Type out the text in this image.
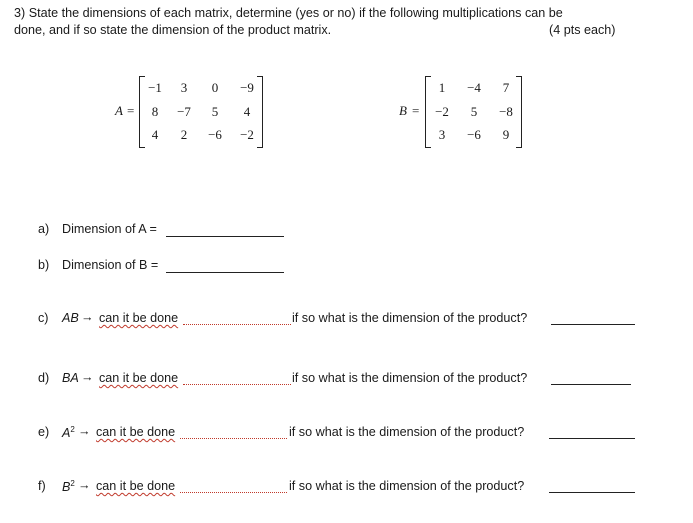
3) State the dimensions of each matrix, determine (yes or no) if the following multiplications can be
done, and if so state the dimension of the product matrix.	(4 pts each)
A =
−1	3	0	−9
8	−7	5	4
4	2	−6	−2
B =
1	−4	7
−2	5	−8
3	−6	9
a) Dimension of A =
b) Dimension of B =
c) AB → can it be done	if so what is the dimension of the product?
d) BA → can it be done	if so what is the dimension of the product?
e) $A^2$ → can it be done	if so what is the dimension of the product?
f) $B^2$ → can it be done	if so what is the dimension of the product?
